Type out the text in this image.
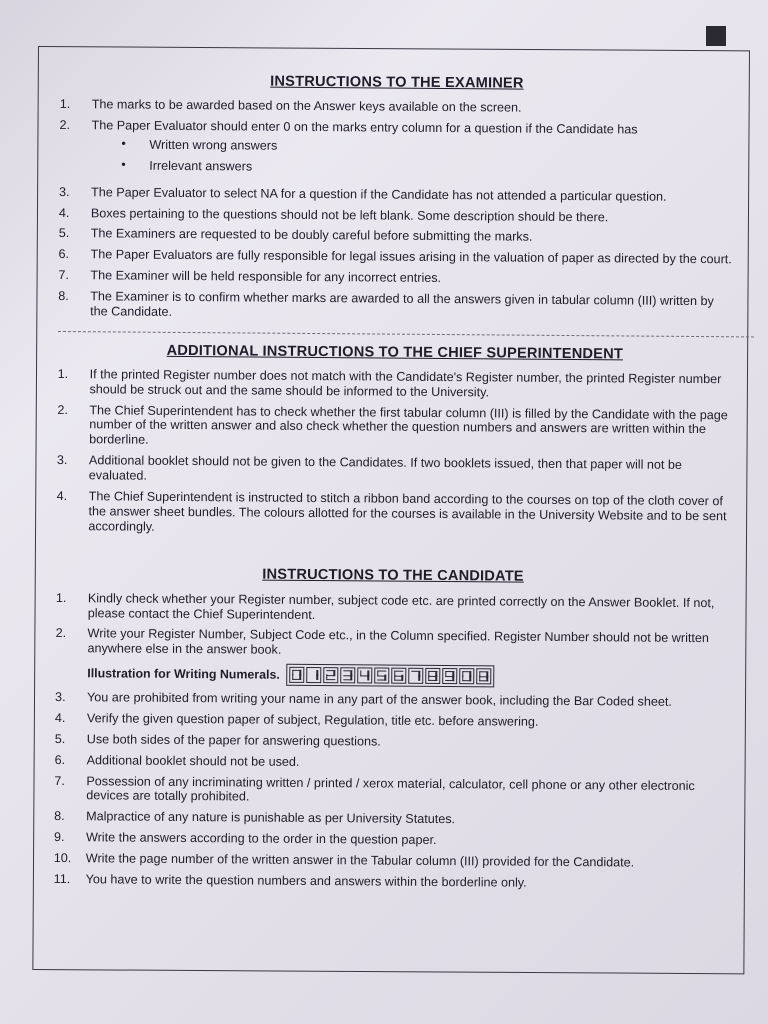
INSTRUCTIONS TO THE EXAMINER
1.	The marks to be awarded based on the Answer keys available on the screen.
2.	The Paper Evaluator should enter 0 on the marks entry column for a question if the Candidate has
• Written wrong answers
• Irrelevant answers
3.	The Paper Evaluator to select NA for a question if the Candidate has not attended a particular question.
4.	Boxes pertaining to the questions should not be left blank. Some description should be there.
5.	The Examiners are requested to be doubly careful before submitting the marks.
6.	The Paper Evaluators are fully responsible for legal issues arising in the valuation of paper as directed by the court.
7.	The Examiner will be held responsible for any incorrect entries.
8.	The Examiner is to confirm whether marks are awarded to all the answers given in tabular column (III) written by the Candidate.
ADDITIONAL INSTRUCTIONS TO THE CHIEF SUPERINTENDENT
1.	If the printed Register number does not match with the Candidate's Register number, the printed Register number should be struck out and the same should be informed to the University.
2.	The Chief Superintendent has to check whether the first tabular column (III) is filled by the Candidate with the page number of the written answer and also check whether the question numbers and answers are written within the borderline.
3.	Additional booklet should not be given to the Candidates. If two booklets issued, then that paper will not be evaluated.
4.	The Chief Superintendent is instructed to stitch a ribbon band according to the courses on top of the cloth cover of the answer sheet bundles. The colours allotted for the courses is available in the University Website and to be sent accordingly.
INSTRUCTIONS TO THE CANDIDATE
1.	Kindly check whether your Register number, subject code etc. are printed correctly on the Answer Booklet. If not, please contact the Chief Superintendent.
2.	Write your Register Number, Subject Code etc., in the Column specified. Register Number should not be written anywhere else in the answer book.
Illustration for Writing Numerals.
3.	You are prohibited from writing your name in any part of the answer book, including the Bar Coded sheet.
4.	Verify the given question paper of subject, Regulation, title etc. before answering.
5.	Use both sides of the paper for answering questions.
6.	Additional booklet should not be used.
7.	Possession of any incriminating written / printed / xerox material, calculator, cell phone or any other electronic devices are totally prohibited.
8.	Malpractice of any nature is punishable as per University Statutes.
9.	Write the answers according to the order in the question paper.
10.	Write the page number of the written answer in the Tabular column (III) provided for the Candidate.
11.	You have to write the question numbers and answers within the borderline only.
